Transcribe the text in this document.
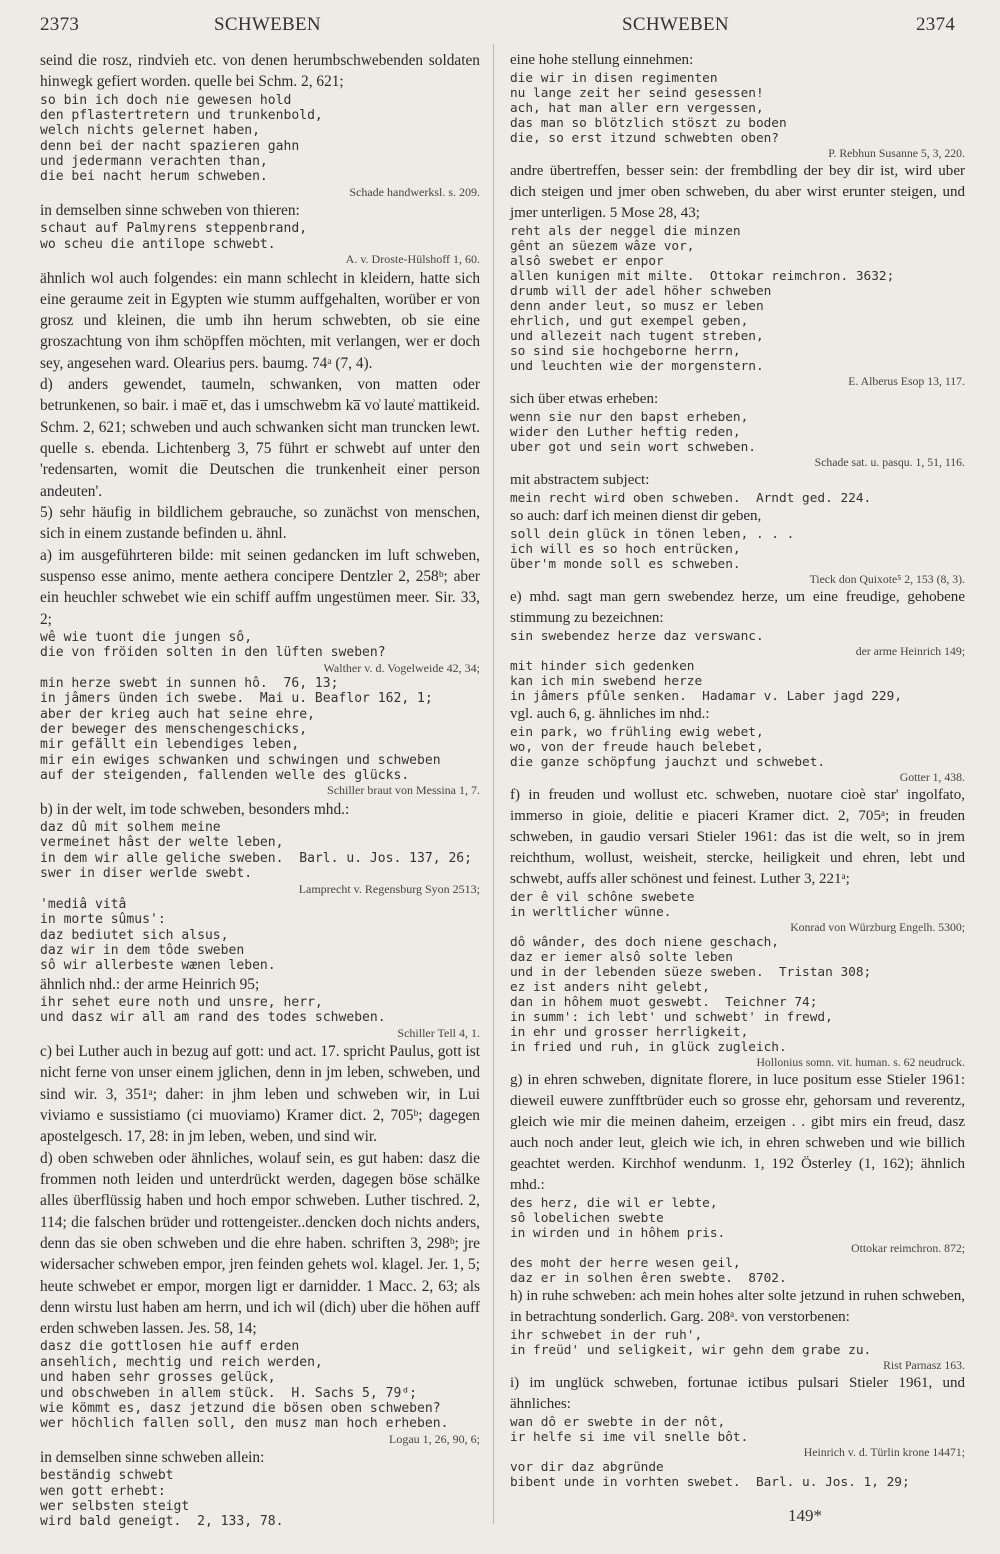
2373	SCHWEBEN	SCHWEBEN	2374
seind die rosz, rindvieh etc. von denen herumbschwebenden soldaten hinwegk gefiert worden. quelle bei Schm. 2, 621;
so bin ich doch nie gewesen hold
den pflastertretern und trunkenbold,
welch nichts gelernet haben,
denn bei der nacht spazieren gahn
und jedermann verachten than,
die bei nacht herum schweben.
Schade handwerksl. s. 209.
in demselben sinne schweben von thieren:
schaut auf Palmyrens steppenbrand,
wo scheu die antilope schwebt.
A. v. Droste-Hülshoff 1, 60.
ähnlich wol auch folgendes: ein mann schlecht in kleidern, hatte sich eine geraume zeit in Egypten wie stumm auffgehalten, worüber er von grosz und kleinen, die umb ihn herum schwebten, ob sie eine groszachtung von ihm schöpffen möchten, mit verlangen, wer er doch sey, angesehen ward. Olearius pers. baumg. 74ᵃ (7, 4).
d) anders gewendet, taumeln, schwanken, von matten oder betrunkenen, so bair. i mae̅ et, das i umschwebm ka̅ vo͗ laute͗ mattikeid. Schm. 2, 621; schweben und auch schwanken sicht man truncken lewt. quelle s. ebenda. Lichtenberg 3, 75 führt er schwebt auf unter den 'redensarten, womit die Deutschen die trunkenheit einer person andeuten'.
5) sehr häufig in bildlichem gebrauche, so zunächst von menschen, sich in einem zustande befinden u. ähnl.
a) im ausgeführteren bilde: mit seinen gedancken im luft schweben, suspenso esse animo, mente aethera concipere Dentzler 2, 258ᵇ; aber ein heuchler schwebet wie ein schiff auffm ungestümen meer. Sir. 33, 2;
wê wie tuont die jungen sô,
die von fröiden solten in den lüften sweben?
Walther v. d. Vogelweide 42, 34;
min herze swebt in sunnen hô.  76, 13;
in jâmers ünden ich swebe.  Mai u. Beaflor 162, 1;
aber der krieg auch hat seine ehre,
der beweger des menschengeschicks,
mir gefällt ein lebendiges leben,
mir ein ewiges schwanken und schwingen und schweben
auf der steigenden, fallenden welle des glücks.
Schiller braut von Messina 1, 7.
b) in der welt, im tode schweben, besonders mhd.:
daz dû mit solhem meine
vermeinet hâst der welte leben,
in dem wir alle geliche sweben.  Barl. u. Jos. 137, 26;
swer in diser werlde swebt.
Lamprecht v. Regensburg Syon 2513;
'mediâ vitâ
in morte sûmus':
daz bediutet sich alsus,
daz wir in dem tôde sweben
sô wir allerbeste wænen leben.
ähnlich nhd.: der arme Heinrich 95;
ihr sehet eure noth und unsre, herr,
und dasz wir all am rand des todes schweben.
Schiller Tell 4, 1.
c) bei Luther auch in bezug auf gott: und act. 17. spricht Paulus, gott ist nicht ferne von unser einem jglichen, denn in jm leben, schweben, und sind wir. 3, 351ᵃ; daher: in jhm leben und schweben wir, in Lui viviamo e sussistiamo (ci muoviamo) Kramer dict. 2, 705ᵇ; dagegen apostelgesch. 17, 28: in jm leben, weben, und sind wir.
d) oben schweben oder ähnliches, wolauf sein, es gut haben: dasz die frommen noth leiden und unterdrückt werden, dagegen böse schälke alles überflüssig haben und hoch empor schweben. Luther tischred. 2, 114; die falschen brüder und rottengeister..dencken doch nichts anders, denn das sie oben schweben und die ehre haben. schriften 3, 298ᵇ; jre widersacher schweben empor, jren feinden gehets wol. klagel. Jer. 1, 5; heute schwebet er empor, morgen ligt er darnidder. 1 Macc. 2, 63; als denn wirstu lust haben am herrn, und ich wil (dich) uber die höhen auff erden schweben lassen. Jes. 58, 14;
dasz die gottlosen hie auff erden
ansehlich, mechtig und reich werden,
und haben sehr grosses gelück,
und obschweben in allem stück.  H. Sachs 5, 79ᵈ;
wie kömmt es, dasz jetzund die bösen oben schweben?
wer höchlich fallen soll, den musz man hoch erheben.
Logau 1, 26, 90, 6;
in demselben sinne schweben allein:
beständig schwebt
wen gott erhebt:
wer selbsten steigt
wird bald geneigt.  2, 133, 78.
eine hohe stellung einnehmen:
die wir in disen regimenten
nu lange zeit her seind gesessen!
ach, hat man aller ern vergessen,
das man so blötzlich stöszt zu boden
die, so erst itzund schwebten oben?
P. Rebhun Susanne 5, 3, 220.
andre übertreffen, besser sein: der frembdling der bey dir ist, wird uber dich steigen und jmer oben schweben, du aber wirst erunter steigen, und jmer unterligen. 5 Mose 28, 43;
reht als der neggel die minzen
gênt an süezem wâze vor,
alsô swebet er enpor
allen kunigen mit milte.  Ottokar reimchron. 3632;
drumb will der adel höher schweben
denn ander leut, so musz er leben
ehrlich, und gut exempel geben,
und allezeit nach tugent streben,
so sind sie hochgeborne herrn,
und leuchten wie der morgenstern.
E. Alberus Esop 13, 117.
sich über etwas erheben:
wenn sie nur den bapst erheben,
wider den Luther heftig reden,
uber got und sein wort schweben.
Schade sat. u. pasqu. 1, 51, 116.
mit abstractem subject:
mein recht wird oben schweben.  Arndt ged. 224.
so auch: darf ich meinen dienst dir geben,
soll dein glück in tönen leben, . . .
ich will es so hoch entrücken,
über'm monde soll es schweben.
Tieck don Quixote⁵ 2, 153 (8, 3).
e) mhd. sagt man gern swebendez herze, um eine freudige, gehobene stimmung zu bezeichnen:
sin swebendez herze daz verswanc.
der arme Heinrich 149;
mit hinder sich gedenken
kan ich min swebend herze
in jâmers pfûle senken.  Hadamar v. Laber jagd 229,
vgl. auch 6, g. ähnliches im nhd.:
ein park, wo frühling ewig webet,
wo, von der freude hauch belebet,
die ganze schöpfung jauchzt und schwebet.
Gotter 1, 438.
f) in freuden und wollust etc. schweben, nuotare cioè star' ingolfato, immerso in gioie, delitie e piaceri Kramer dict. 2, 705ᵃ; in freuden schweben, in gaudio versari Stieler 1961: das ist die welt, so in jrem reichthum, wollust, weisheit, stercke, heiligkeit und ehren, lebt und schwebt, auffs aller schönest und feinest. Luther 3, 221ᵃ;
der ê vil schône swebete
in werltlicher wünne.
Konrad von Würzburg Engelh. 5300;
dô wânder, des doch niene geschach,
daz er iemer alsô solte leben
und in der lebenden süeze sweben.  Tristan 308;
ez ist anders niht gelebt,
dan in hôhem muot geswebt.  Teichner 74;
in summ': ich lebt' und schwebt' in frewd,
in ehr und grosser herrligkeit,
in fried und ruh, in glück zugleich.
Hollonius somn. vit. human. s. 62 neudruck.
g) in ehren schweben, dignitate florere, in luce positum esse Stieler 1961: dieweil euwere zunfftbrüder euch so grosse ehr, gehorsam und reverentz, gleich wie mir die meinen daheim, erzeigen . . gibt mirs ein freud, dasz auch noch ander leut, gleich wie ich, in ehren schweben und wie billich geachtet werden. Kirchhof wendunm. 1, 192 Österley (1, 162); ähnlich mhd.:
des herz, die wil er lebte,
sô lobelichen swebte
in wirden und in hôhem pris.
Ottokar reimchron. 872;
des moht der herre wesen geil,
daz er in solhen êren swebte.  8702.
h) in ruhe schweben: ach mein hohes alter solte jetzund in ruhen schweben, in betrachtung sonderlich. Garg. 208ᵃ. von verstorbenen:
ihr schwebet in der ruh',
in freüd' und seligkeit, wir gehn dem grabe zu.
Rist Parnasz 163.
i) im unglück schweben, fortunae ictibus pulsari Stieler 1961, und ähnliches:
wan dô er swebte in der nôt,
ir helfe si ime vil snelle bôt.
Heinrich v. d. Türlin krone 14471;
vor dir daz abgründe
bibent unde in vorhten swebet.  Barl. u. Jos. 1, 29;
149*
